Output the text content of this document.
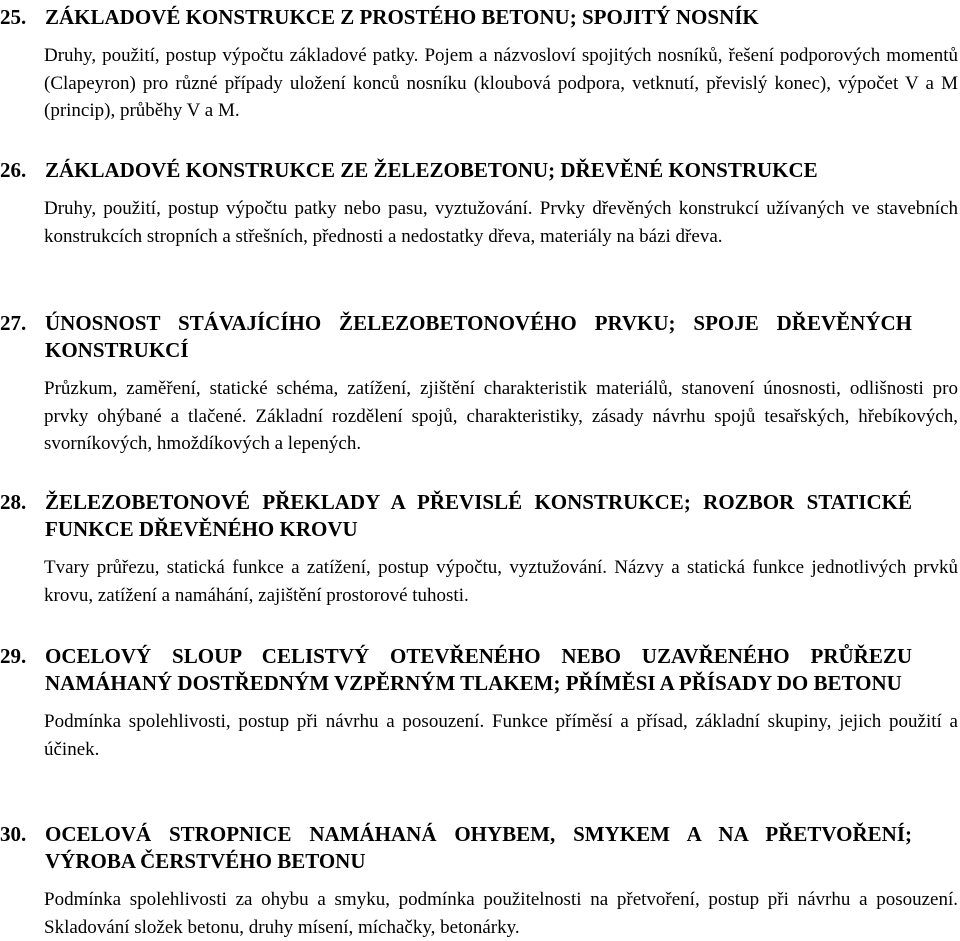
25. ZÁKLADOVÉ KONSTRUKCE Z PROSTÉHO BETONU; SPOJITÝ NOSNÍK

Druhy, použití, postup výpočtu základové patky. Pojem a názvosloví spojitých nosníků, řešení podporových momentů (Clapeyron) pro různé případy uložení konců nosníku (kloubová podpora, vetknutí, převislý konec), výpočet V a M (princip), průběhy V a M.

26. ZÁKLADOVÉ KONSTRUKCE ZE ŽELEZOBETONU; DŘEVĚNÉ KONSTRUKCE

Druhy, použití, postup výpočtu patky nebo pasu, vyztužování. Prvky dřevěných konstrukcí užívaných ve stavebních konstrukcích stropních a střešních, přednosti a nedostatky dřeva, materiály na bázi dřeva.

27. ÚNOSNOST STÁVAJÍCÍHO ŽELEZOBETONOVÉHO PRVKU; SPOJE DŘEVĚNÝCH KONSTRUKCÍ

Průzkum, zaměření, statické schéma, zatížení, zjištění charakteristik materiálů, stanovení únosnosti, odlišnosti pro prvky ohýbané a tlačené. Základní rozdělení spojů, charakteristiky, zásady návrhu spojů tesařských, hřebíkových, svorníkových, hmoždíkových a lepených.

28. ŽELEZOBETONOVÉ PŘEKLADY A PŘEVISLÉ KONSTRUKCE; ROZBOR STATICKÉ FUNKCE DŘEVĚNÉHO KROVU

Tvary průřezu, statická funkce a zatížení, postup výpočtu, vyztužování. Názvy a statická funkce jednotlivých prvků krovu, zatížení a namáhání, zajištění prostorové tuhosti.

29. OCELOVÝ SLOUP CELISTVÝ OTEVŘENÉHO NEBO UZAVŘENÉHO PRŮŘEZU NAMÁHANÝ DOSTŘEDNÝM VZPĚRNÝM TLAKEM; PŘÍMĚSI A PŘÍSADY DO BETONU

Podmínka spolehlivosti, postup při návrhu a posouzení. Funkce příměsí a přísad, základní skupiny, jejich použití a účinek.

30. OCELOVÁ STROPNICE NAMÁHANÁ OHYBEM, SMYKEM A NA PŘETVOŘENÍ; VÝROBA ČERSTVÉHO BETONU

Podmínka spolehlivosti za ohybu a smyku, podmínka použitelnosti na přetvoření, postup při návrhu a posouzení. Skladování složek betonu, druhy mísení, míchačky, betonárky.
